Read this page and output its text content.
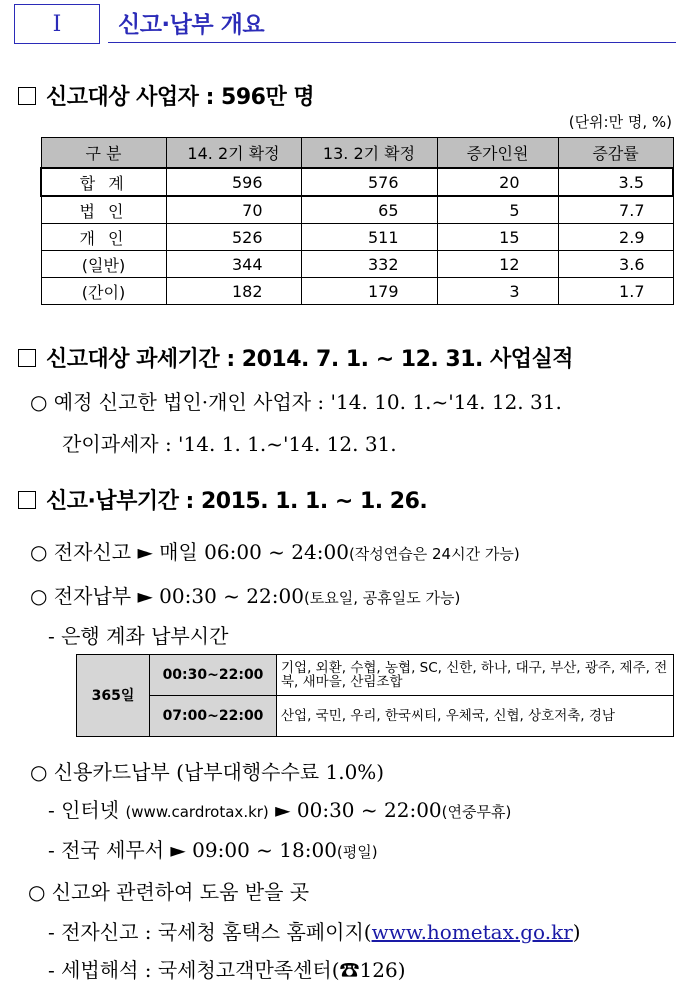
Ⅰ 신고·납부 개요
신고대상 사업자 : 596만 명
(단위:만 명, %)
구 분	14. 2기 확정	13. 2기 확정	증가인원	증감률
합 계	596	576	20	3.5
법 인	70	65	5	7.7
개 인	526	511	15	2.9
(일반)	344	332	12	3.6
(간이)	182	179	3	1.7
신고대상 과세기간 : 2014. 7. 1. ~ 12. 31. 사업실적
○ 예정 신고한 법인·개인 사업자 : '14. 10. 1.~'14. 12. 31.
간이과세자 : '14. 1. 1.~'14. 12. 31.
신고·납부기간 : 2015. 1. 1. ~ 1. 26.
○ 전자신고 ► 매일 06:00 ~ 24:00(작성연습은 24시간 가능)
○ 전자납부 ► 00:30 ~ 22:00(토요일, 공휴일도 가능)
- 은행 계좌 납부시간
365일	00:30~22:00	기업, 외환, 수협, 농협, SC, 신한, 하나, 대구, 부산, 광주, 제주, 전북, 새마을, 산림조합
	07:00~22:00	산업, 국민, 우리, 한국씨티, 우체국, 신협, 상호저축, 경남
○ 신용카드납부 (납부대행수수료 1.0%)
- 인터넷 (www.cardrotax.kr) ► 00:30 ~ 22:00(연중무휴)
- 전국 세무서 ► 09:00 ~ 18:00(평일)
○ 신고와 관련하여 도움 받을 곳
- 전자신고 : 국세청 홈택스 홈페이지(www.hometax.go.kr)
- 세법해석 : 국세청고객만족센터(☎126)
